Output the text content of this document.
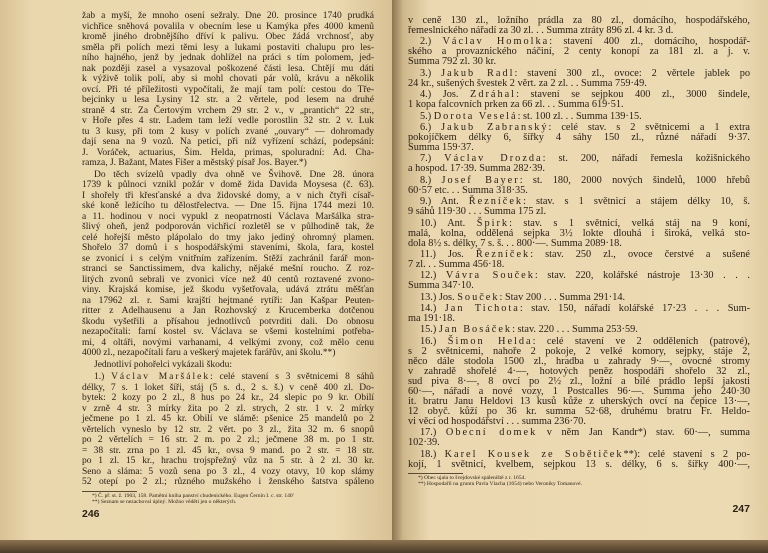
žab a myší, že mnoho osení sežraly. Dne 20. prosince 1740 prudká
vichřice sněhová povalila v obecním lese u Kamýka přes 4000 kmenů
kromě jiného drobnějšího dříví k palivu. Obec žádá vrchnosť, aby
směla při polích mezi těmi lesy a lukami postaviti chalupu pro les-
ního hajného, jenž by jednak dohlížel na práci s tím polomem, jed-
nak později zasel a vysazoval poškozené části lesa. Chtějí mu dáti
k výživě tolik polí, aby si mohl chovati pár volů, krávu a několik
ovcí. Při té příležitosti vypočítali, že mají tam polí: cestou do Tře-
bejcinky u lesa Lysiny 12 str. a 2 věrtele, pod lesem na druhé
straně 4 str. Za Čertovým vrchem 29 str. 2 v., v „prantich“ 22 str.,
v Hoře přes 4 str. Ladem tam leží vedle porostlin 32 str. 2 v. Luk
tu 3 kusy, při tom 2 kusy v polích zvané „ouvary“ — dohromady
dají sena na 9 vozů. Na petici, při níž vyřízení schází, podepsáni:
J. Voráček, actuarius, Šim. Helda, primas, spoluradní: Ad. Cha-
ramza, J. Bažant, Mates Fišer a městský písař Jos. Bayer.*)
Do těch svízelů vpadly dva ohně ve Švihově. Dne 28. února
1739 k půlnoci vznikl požár v domě žida Davida Moysesa (č. 63).
I shořely tři křesťanské a dva židovské domy, a v nich čtyři císař-
ské koně ležícího tu dělostřelectva. — Dne 15. října 1744 mezi 10.
a 11. hodinou v noci vypukl z neopatrnosti Václava Maršálka stra-
šlivý oheň, jenž podporován vichřicí rozletěl se v půlhodině tak, že
celé hořejší město plápolalo do tmy jako jediný ohromný plamen.
Shořelo 37 domů i s hospodářskými staveními, škola, fara, kostel
se zvonicí i s celým vnitřním zařízením. Stěží zachránil farář mon-
stranci se Sanctissimem, dva kalichy, nějaké mešní roucho. Z roz-
litých zvonů sebrali ve zvonici více než 40 centů roztavené zvono-
viny. Krajská komise, jež škodu vyšetřovala, udává ztrátu měšťan
na 17962 zl. r. Sami krajští hejtmané rytíři: Jan Kašpar Peuten-
ritter z Adelhausenu a Jan Rozhovský z Krucemberka dotčenou
škodu vyšetřili a přísahou jednotlivců potvrditi dali. Do obnosu
nezapočítali: farní kostel sv. Václava se všemi kostelními potřeba-
mi, 4 oltáři, novými varhanami, 4 velkými zvony, což mělo cenu
4000 zl., nezapočítali faru a veškerý majetek farářův, ani školu.**)
Jednotliví pohořelci vykázali škodu:
1.) Václav Maršálek: celé stavení s 3 světnicemi 8 sáhů
délky, 7 s. 1 loket šíři, stáj (5 s. d., 2 s. š.) v ceně 400 zl. Do-
bytek: 2 kozy po 2 zl., 8 hus po 24 kr., 24 slepic po 9 kr. Obilí
v zrně 4 str. 3 mírky žita po 2 zl. strych, 2 str. 1 v. 2 mírky
ječmene po 1 zl. 45 kr. Obilí ve slámě: pšenice 25 mandelů po 2
věrtelích vyneslo by 12 str. 2 věrt. po 3 zl., žita 32 m. 6 snopů
po 2 věrtelích = 16 str. 2 m. po 2 zl.; ječmene 38 m. po 1 str.
= 38 str. zrna po 1 zl. 45 kr., ovsa 9 mand. po 2 str. = 18 str.
po 1 zl. 15 kr., hrachu trojspřežný vůz na 5 str. à 2 zl. 30 kr.
Seno a sláma: 5 vozů sena po 3 zl., 4 vozy otavy, 10 kop slámy
52 otepí po 2 zl.; různého mužského i ženského šatstva spáleno
*) Č. př. st. ž. 1903, 158. Pamětní kniha panství chudenického. Eugen Černín I. c. str. 140'
**) Seznam se nezachoval úplný. Možno věděti jen o některých.
246
v ceně 130 zl., ložního prádla za 80 zl., domácího, hospodářského,
řemeslnického nářadí za 30 zl. . . Summa ztráty 896 zl. 4 kr. 3 d.
2.) Václav Homolka: stavení 400 zl., domácího, hospodář-
ského a provaznického náčiní, 2 centy konopí za 181 zl. a j. v.
Summa 792 zl. 30 kr.
3.) Jakub Radl: stavení 300 zl., ovoce: 2 věrtele jablek po
24 kr., sušených švestek 2 věrt. za 2 zl. . . Summa 759·49.
4.) Jos. Zdráhal: stavení se sejpkou 400 zl., 3000 šindele,
1 kopa falcovních prken za 66 zl. . . Summa 619·51.
5.) Dorota Veselá: st. 100 zl. . . Summa 139·15.
6.) Jakub Zabranský: celé stav. s 2 světnicemi a 1 extra
pokojíčkem délky 6, šířky 4 sáhy 150 zl., různé nářadí 9·37.
Summa 159·37.
7.) Václav Drozda: st. 200, nářadí řemesla kožišnického
a hospod. 17·39. Summa 282·39.
8.) Josef Bayer: st. 180, 2000 nových šindelů, 1000 hřebů
60·57 etc. . . Summa 318·35.
9.) Ant. Řezníček: stav. s 1 světnicí a stájem délky 10, š.
9 sáhů 119·30 . . . Summa 175 zl.
10.) Ant. Špirk: stav. s 1 světnicí, velká stáj na 9 koní,
malá, kolna, oddělená sejpka 3½ lokte dlouhá i široká, velká sto-
dola 8½ s. délky, 7 s. š. . . 800·—. Summa 2089·18.
11.) Jos. Řezníček: stav. 250 zl., ovoce čerstvé a sušené
7 zl. . . Summa 456·18.
12.) Vávra Souček: stav. 220, kolářské nástroje 13·30 . . .
Summa 347·10.
13.) Jos. Souček: Stav 200 . . . Summa 291·14.
14.) Jan Tichota: stav. 150, nářadí kolářské 17·23 . . . Sum-
ma 191·18.
15.) Jan Bosáček: stav. 220 . . . Summa 253·59.
16.) Šimon Helda: celé stavení ve 2 odděleních (patrové),
s 2 světnicemi, nahoře 2 pokoje, 2 velké komory, sejpky, stáje 2,
něco dále stodola 1500 zl., hradba u zahrady 9·—, ovocné stromy
v zahradě shořelé 4·—, hotových peněz hospodáři shořelo 32 zl.,
sud piva 8·—, 8 ovcí po 2½ zl., ložní a bílé prádlo lepší jakosti
60·—, nářadí a nové vozy, 1 Postcalles 96·—. Summa jeho 240·30
it. bratru Janu Heldovi 13 kusů kůže z uherských ovcí na čepice 13·—,
12 obyč. kůží po 36 kr. summa 52·68, druhému bratru Fr. Heldo-
vi věcí od hospodářství . . . summa 236·70.
17.) Obecní domek v něm Jan Kandr*) stav. 60·—, summa
102·39.
18.) Karel Kousek ze Sobětiček**): celé stavení s 2 po-
kojí, 1 světnicí, kvelbem, sejpkou 13 s. délky, 6 s. šířky 400·—,
*) Obec ujala to švejdovské spáleniště z r. 1654.
**) Hospodařil na gruntu Pavla Vlacha (1654) nebo Veroniky Tomanové.
247
